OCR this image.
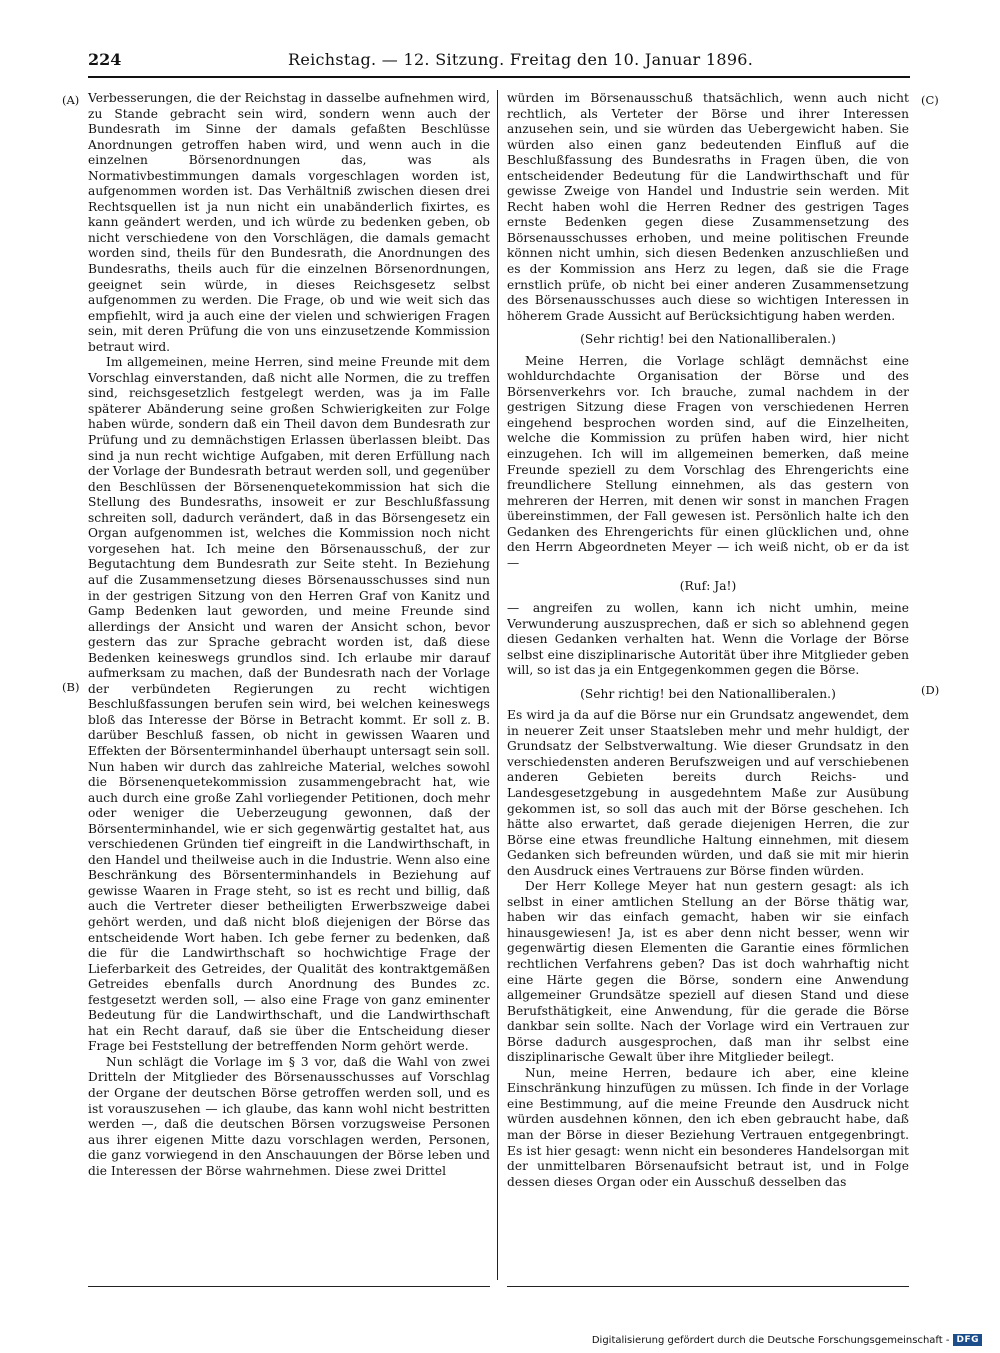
224	Reichstag. — 12. Sitzung. Freitag den 10. Januar 1896.
(A)
(B)
(C)
(D)

Verbesserungen, die der Reichstag in dasselbe aufnehmen wird, zu Stande gebracht sein wird, sondern wenn auch der Bundesrath im Sinne der damals gefaßten Beschlüsse Anordnungen getroffen haben wird, und wenn auch in die einzelnen Börsenordnungen das, was als Normativbestimmungen damals vorgeschlagen worden ist, aufgenommen worden ist. Das Verhältniß zwischen diesen drei Rechtsquellen ist ja nun nicht ein unabänderlich fixirtes, es kann geändert werden, und ich würde zu bedenken geben, ob nicht verschiedene von den Vorschlägen, die damals gemacht worden sind, theils für den Bundesrath, die Anordnungen des Bundesraths, theils auch für die einzelnen Börsenordnungen, geeignet sein würde, in dieses Reichsgesetz selbst aufgenommen zu werden. Die Frage, ob und wie weit sich das empfiehlt, wird ja auch eine der vielen und schwierigen Fragen sein, mit deren Prüfung die von uns einzusetzende Kommission betraut wird.

Im allgemeinen, meine Herren, sind meine Freunde mit dem Vorschlag einverstanden, daß nicht alle Normen, die zu treffen sind, reichsgesetzlich festgelegt werden, was ja im Falle späterer Abänderung seine großen Schwierigkeiten zur Folge haben würde, sondern daß ein Theil davon dem Bundesrath zur Prüfung und zu demnächstigen Erlassen überlassen bleibt. Das sind ja nun recht wichtige Aufgaben, mit deren Erfüllung nach der Vorlage der Bundesrath betraut werden soll, und gegenüber den Beschlüssen der Börsenenquetekommission hat sich die Stellung des Bundesraths, insoweit er zur Beschlußfassung schreiten soll, dadurch verändert, daß in das Börsengesetz ein Organ aufgenommen ist, welches die Kommission noch nicht vorgesehen hat. Ich meine den Börsenausschuß, der zur Begutachtung dem Bundesrath zur Seite steht. In Beziehung auf die Zusammensetzung dieses Börsenausschusses sind nun in der gestrigen Sitzung von den Herren Graf von Kanitz und Gamp Bedenken laut geworden, und meine Freunde sind allerdings der Ansicht und waren der Ansicht schon, bevor gestern das zur Sprache gebracht worden ist, daß diese Bedenken keineswegs grundlos sind. Ich erlaube mir darauf aufmerksam zu machen, daß der Bundesrath nach der Vorlage der verbündeten Regierungen zu recht wichtigen Beschlußfassungen berufen sein wird, bei welchen keineswegs bloß das Interesse der Börse in Betracht kommt. Er soll z. B. darüber Beschluß fassen, ob nicht in gewissen Waaren und Effekten der Börsenterminhandel überhaupt untersagt sein soll. Nun haben wir durch das zahlreiche Material, welches sowohl die Börsenenquetekommission zusammengebracht hat, wie auch durch eine große Zahl vorliegender Petitionen, doch mehr oder weniger die Ueberzeugung gewonnen, daß der Börsenterminhandel, wie er sich gegenwärtig gestaltet hat, aus verschiedenen Gründen tief eingreift in die Landwirthschaft, in den Handel und theilweise auch in die Industrie. Wenn also eine Beschränkung des Börsenterminhandels in Beziehung auf gewisse Waaren in Frage steht, so ist es recht und billig, daß auch die Vertreter dieser betheiligten Erwerbszweige dabei gehört werden, und daß nicht bloß diejenigen der Börse das entscheidende Wort haben. Ich gebe ferner zu bedenken, daß die für die Landwirthschaft so hochwichtige Frage der Lieferbarkeit des Getreides, der Qualität des kontraktgemäßen Getreides ebenfalls durch Anordnung des Bundes zc. festgesetzt werden soll, — also eine Frage von ganz eminenter Bedeutung für die Landwirthschaft, und die Landwirthschaft hat ein Recht darauf, daß sie über die Entscheidung dieser Frage bei Feststellung der betreffenden Norm gehört werde.

Nun schlägt die Vorlage im § 3 vor, daß die Wahl von zwei Dritteln der Mitglieder des Börsenausschusses auf Vorschlag der Organe der deutschen Börse getroffen werden soll, und es ist vorauszusehen — ich glaube, das kann wohl nicht bestritten werden —, daß die deutschen Börsen vorzugsweise Personen aus ihrer eigenen Mitte dazu vorschlagen werden, Personen, die ganz vorwiegend in den Anschauungen der Börse leben und die Interessen der Börse wahrnehmen. Diese zwei Drittel

würden im Börsenausschuß thatsächlich, wenn auch nicht rechtlich, als Verteter der Börse und ihrer Interessen anzusehen sein, und sie würden das Uebergewicht haben. Sie würden also einen ganz bedeutenden Einfluß auf die Beschlußfassung des Bundesraths in Fragen üben, die von entscheidender Bedeutung für die Landwirthschaft und für gewisse Zweige von Handel und Industrie sein werden. Mit Recht haben wohl die Herren Redner des gestrigen Tages ernste Bedenken gegen diese Zusammensetzung des Börsenausschusses erhoben, und meine politischen Freunde können nicht umhin, sich diesen Bedenken anzuschließen und es der Kommission ans Herz zu legen, daß sie die Frage ernstlich prüfe, ob nicht bei einer anderen Zusammensetzung des Börsenausschusses auch diese so wichtigen Interessen in höherem Grade Aussicht auf Berücksichtigung haben werden.

(Sehr richtig! bei den Nationalliberalen.)

Meine Herren, die Vorlage schlägt demnächst eine wohldurchdachte Organisation der Börse und des Börsenverkehrs vor. Ich brauche, zumal nachdem in der gestrigen Sitzung diese Fragen von verschiedenen Herren eingehend besprochen worden sind, auf die Einzelheiten, welche die Kommission zu prüfen haben wird, hier nicht einzugehen. Ich will im allgemeinen bemerken, daß meine Freunde speziell zu dem Vorschlag des Ehrengerichts eine freundlichere Stellung einnehmen, als das gestern von mehreren der Herren, mit denen wir sonst in manchen Fragen übereinstimmen, der Fall gewesen ist. Persönlich halte ich den Gedanken des Ehrengerichts für einen glücklichen und, ohne den Herrn Abgeordneten Meyer — ich weiß nicht, ob er da ist —

(Ruf: Ja!)

— angreifen zu wollen, kann ich nicht umhin, meine Verwunderung auszusprechen, daß er sich so ablehnend gegen diesen Gedanken verhalten hat. Wenn die Vorlage der Börse selbst eine disziplinarische Autorität über ihre Mitglieder geben will, so ist das ja ein Entgegenkommen gegen die Börse.

(Sehr richtig! bei den Nationalliberalen.)

Es wird ja da auf die Börse nur ein Grundsatz angewendet, dem in neuerer Zeit unser Staatsleben mehr und mehr huldigt, der Grundsatz der Selbstverwaltung. Wie dieser Grundsatz in den verschiedensten anderen Berufszweigen und auf verschiebenen anderen Gebieten bereits durch Reichs- und Landesgesetzgebung in ausgedehntem Maße zur Ausübung gekommen ist, so soll das auch mit der Börse geschehen. Ich hätte also erwartet, daß gerade diejenigen Herren, die zur Börse eine etwas freundliche Haltung einnehmen, mit diesem Gedanken sich befreunden würden, und daß sie mit mir hierin den Ausdruck eines Vertrauens zur Börse finden würden.

Der Herr Kollege Meyer hat nun gestern gesagt: als ich selbst in einer amtlichen Stellung an der Börse thätig war, haben wir das einfach gemacht, haben wir sie einfach hinausgewiesen! Ja, ist es aber denn nicht besser, wenn wir gegenwärtig diesen Elementen die Garantie eines förmlichen rechtlichen Verfahrens geben? Das ist doch wahrhaftig nicht eine Härte gegen die Börse, sondern eine Anwendung allgemeiner Grundsätze speziell auf diesen Stand und diese Berufsthätigkeit, eine Anwendung, für die gerade die Börse dankbar sein sollte. Nach der Vorlage wird ein Vertrauen zur Börse dadurch ausgesprochen, daß man ihr selbst eine disziplinarische Gewalt über ihre Mitglieder beilegt.

Nun, meine Herren, bedaure ich aber, eine kleine Einschränkung hinzufügen zu müssen. Ich finde in der Vorlage eine Bestimmung, auf die meine Freunde den Ausdruck nicht würden ausdehnen können, den ich eben gebraucht habe, daß man der Börse in dieser Beziehung Vertrauen entgegenbringt. Es ist hier gesagt: wenn nicht ein besonderes Handelsorgan mit der unmittelbaren Börsenaufsicht betraut ist, und in Folge dessen dieses Organ oder ein Ausschuß desselben das

Digitalisierung gefördert durch die Deutsche Forschungsgemeinschaft - DFG
